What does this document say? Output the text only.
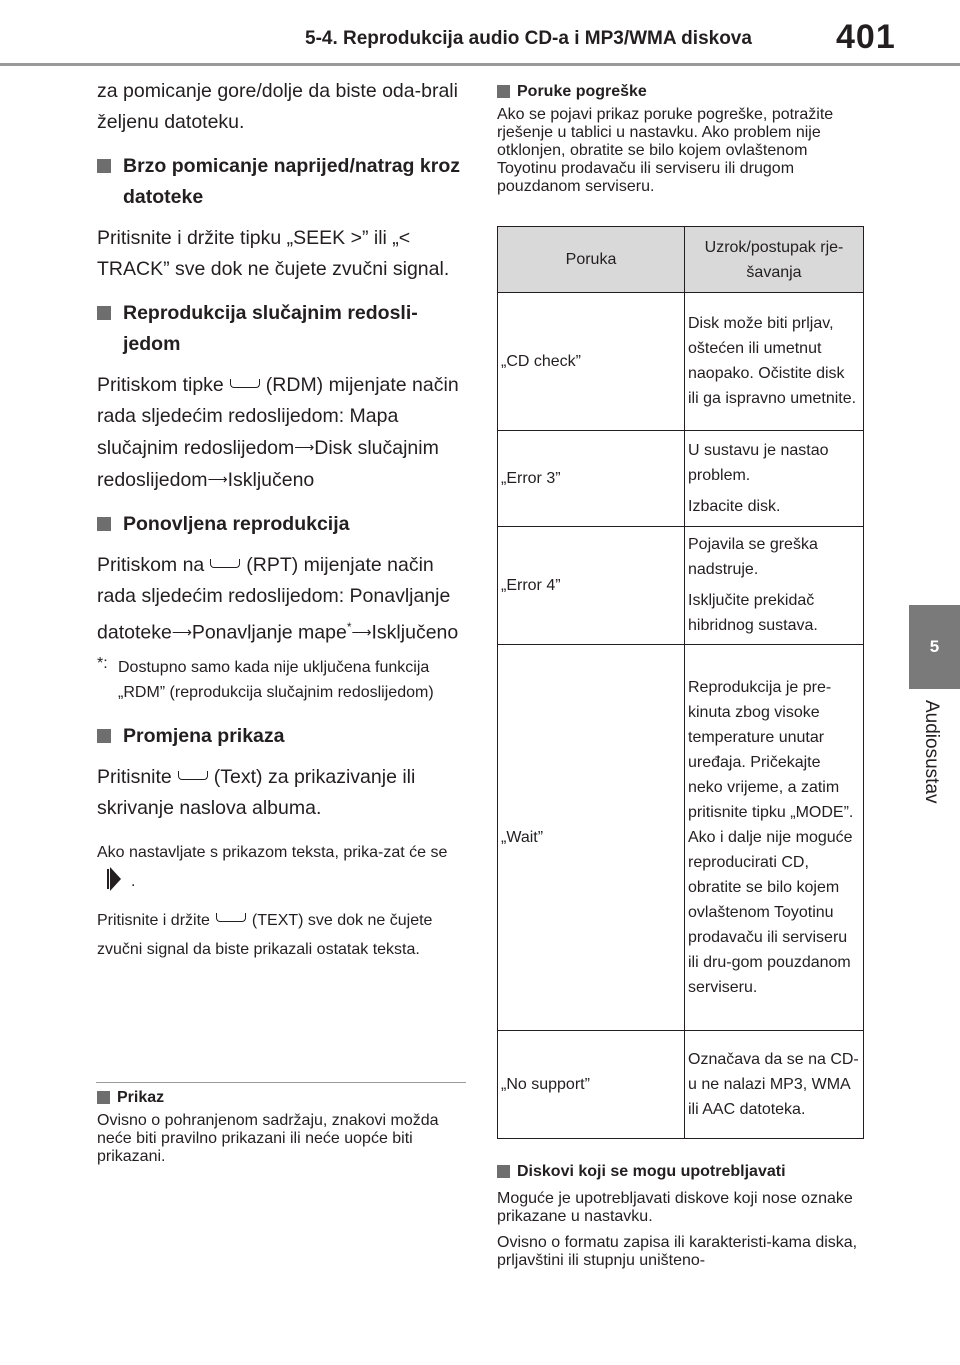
5-4. Reprodukcija audio CD-a i MP3/WMA diskova 401
5
Audiosustav

za pomicanje gore/dolje da biste oda-brali željenu datoteku.

Brzo pomicanje naprijed/natrag kroz datoteke

Pritisnite i držite tipku „SEEK >” ili „< TRACK” sve dok ne čujete zvučni signal.

Reprodukcija slučajnim redosli-jedom

Pritiskom tipke (RDM) mijenjate način rada sljedećim redoslijedom: Mapa slučajnim redoslijedom⟶Disk slučajnim redoslijedom⟶Isključeno

Ponovljena reprodukcija

Pritiskom na (RPT) mijenjate način rada sljedećim redoslijedom: Ponavljanje datoteke⟶Ponavljanje mape*⟶Isključeno

*: Dostupno samo kada nije uključena funkcija „RDM” (reprodukcija slučajnim redoslijedom)
Promjena prikaza

Pritisnite (Text) za prikazivanje ili skrivanje naslova albuma.

Ako nastavljate s prikazom teksta, prika-zat će se.

Pritisnite i držite	(TEXT) sve dok ne čujete zvučni signal da biste prikazali ostatak teksta.

Prikaz

Ovisno o pohranjenom sadržaju, znakovi možda neće biti pravilno prikazani ili neće uopće biti prikazani.

Poruke pogreške

Ako se pojavi prikaz poruke pogreške, potražite rješenje u tablici u nastavku. Ako problem nije otklonjen, obratite se bilo kojem ovlaštenom Toyotinu prodavaču ili serviseru ili drugom pouzdanom serviseru.

Poruka	Uzrok/postupak rje-šavanja
„CD check”	Disk može biti prljav, oštećen ili umetnut naopako. Očistite disk ili ga ispravno umetnite.

„Error 3”	U sustavu je nastao problem.

Izbacite disk.

„Error 4”	Pojavila se greška nadstruje.

Isključite prekidač hibridnog sustava.

„Wait”	Reprodukcija je pre-kinuta zbog visoke temperature unutar uređaja. Pričekajte neko vrijeme, a zatim pritisnite tipku „MODE”. Ako i dalje nije moguće reproducirati CD, obratite se bilo kojem ovlaštenom Toyotinu prodavaču ili serviseru ili dru-gom pouzdanom serviseru.

„No support”	Označava da se na CD-u ne nalazi MP3, WMA ili AAC datoteka.

Diskovi koji se mogu upotrebljavati

Moguće je upotrebljavati diskove koji nose oznake prikazane u nastavku.

Ovisno o formatu zapisa ili karakteristi-kama diska, prljavštini ili stupnju uništeno-
